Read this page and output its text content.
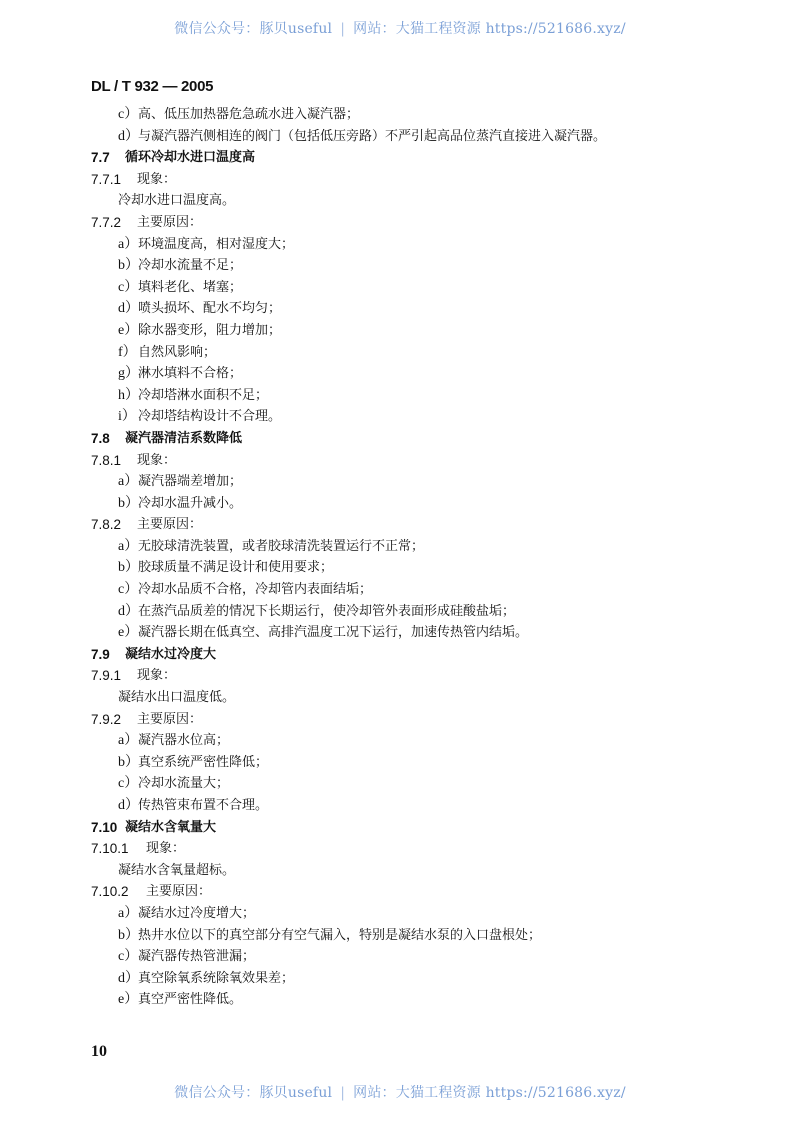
微信公众号：豚贝useful | 网站：大猫工程资源 https://521686.xyz/
DL / T 932 — 2005
c） 高、低压加热器危急疏水进入凝汽器；
d） 与凝汽器汽侧相连的阀门（包括低压旁路）不严引起高品位蒸汽直接进入凝汽器。
7.7 循环冷却水进口温度高
7.7.1 现象：
冷却水进口温度高。
7.7.2 主要原因：
a） 环境温度高，相对湿度大；
b） 冷却水流量不足；
c） 填料老化、堵塞；
d） 喷头损坏、配水不均匀；
e） 除水器变形，阻力增加；
f） 自然风影响；
g） 淋水填料不合格；
h） 冷却塔淋水面积不足；
i） 冷却塔结构设计不合理。
7.8 凝汽器清洁系数降低
7.8.1 现象：
a） 凝汽器端差增加；
b） 冷却水温升减小。
7.8.2 主要原因：
a） 无胶球清洗装置，或者胶球清洗装置运行不正常；
b） 胶球质量不满足设计和使用要求；
c） 冷却水品质不合格，冷却管内表面结垢；
d） 在蒸汽品质差的情况下长期运行，使冷却管外表面形成硅酸盐垢；
e） 凝汽器长期在低真空、高排汽温度工况下运行，加速传热管内结垢。
7.9 凝结水过冷度大
7.9.1 现象：
凝结水出口温度低。
7.9.2 主要原因：
a） 凝汽器水位高；
b） 真空系统严密性降低；
c） 冷却水流量大；
d） 传热管束布置不合理。
7.10 凝结水含氧量大
7.10.1 现象：
凝结水含氧量超标。
7.10.2 主要原因：
a） 凝结水过冷度增大；
b） 热井水位以下的真空部分有空气漏入，特别是凝结水泵的入口盘根处；
c） 凝汽器传热管泄漏；
d） 真空除氧系统除氧效果差；
e） 真空严密性降低。
10
微信公众号：豚贝useful | 网站：大猫工程资源 https://521686.xyz/
